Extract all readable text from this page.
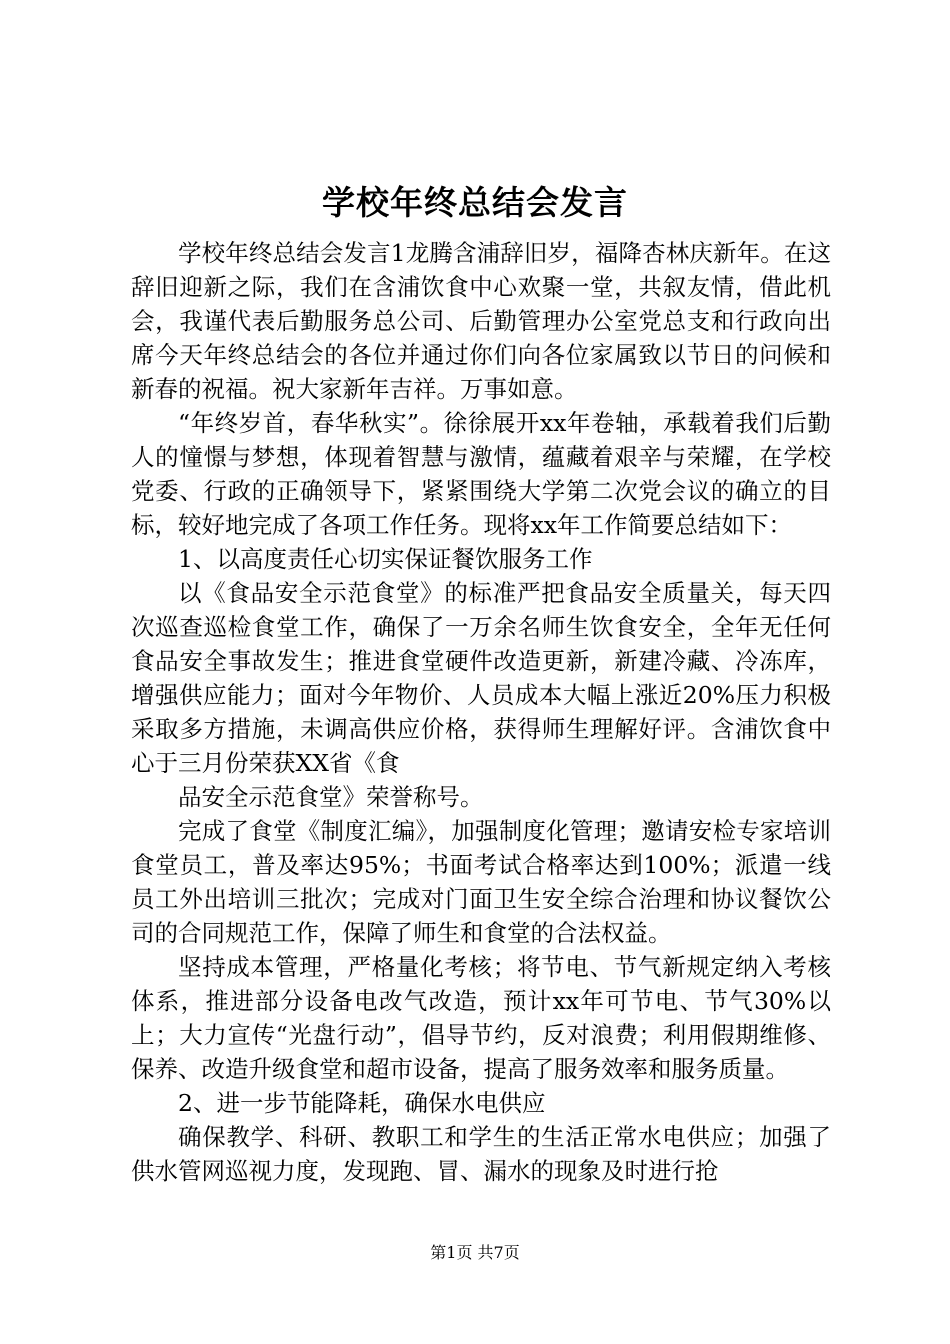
学校年终总结会发言

学校年终总结会发言1龙腾含浦辞旧岁，福降杏林庆新年。在这辞旧迎新之际，我们在含浦饮食中心欢聚一堂，共叙友情，借此机会，我谨代表后勤服务总公司、后勤管理办公室党总支和行政向出席今天年终总结会的各位并通过你们向各位家属致以节日的问候和新春的祝福。祝大家新年吉祥。万事如意。

“年终岁首，春华秋实”。徐徐展开xx年卷轴，承载着我们后勤人的憧憬与梦想，体现着智慧与激情，蕴藏着艰辛与荣耀，在学校党委、行政的正确领导下，紧紧围绕大学第二次党会议的确立的目标，较好地完成了各项工作任务。现将xx年工作简要总结如下：

1、以高度责任心切实保证餐饮服务工作

以《食品安全示范食堂》的标准严把食品安全质量关，每天四次巡查巡检食堂工作，确保了一万余名师生饮食安全，全年无任何食品安全事故发生；推进食堂硬件改造更新，新建冷藏、冷冻库，增强供应能力；面对今年物价、人员成本大幅上涨近20%压力积极采取多方措施，未调高供应价格，获得师生理解好评。含浦饮食中心于三月份荣获XX省《食

品安全示范食堂》荣誉称号。

完成了食堂《制度汇编》，加强制度化管理；邀请安检专家培训食堂员工，普及率达95%；书面考试合格率达到100%；派遣一线员工外出培训三批次；完成对门面卫生安全综合治理和协议餐饮公司的合同规范工作，保障了师生和食堂的合法权益。

坚持成本管理，严格量化考核；将节电、节气新规定纳入考核体系，推进部分设备电改气改造，预计xx年可节电、节气30%以上；大力宣传“光盘行动”，倡导节约，反对浪费；利用假期维修、保养、改造升级食堂和超市设备，提高了服务效率和服务质量。

2、进一步节能降耗，确保水电供应

确保教学、科研、教职工和学生的生活正常水电供应；加强了供水管网巡视力度，发现跑、冒、漏水的现象及时进行抢

第1页 共7页
